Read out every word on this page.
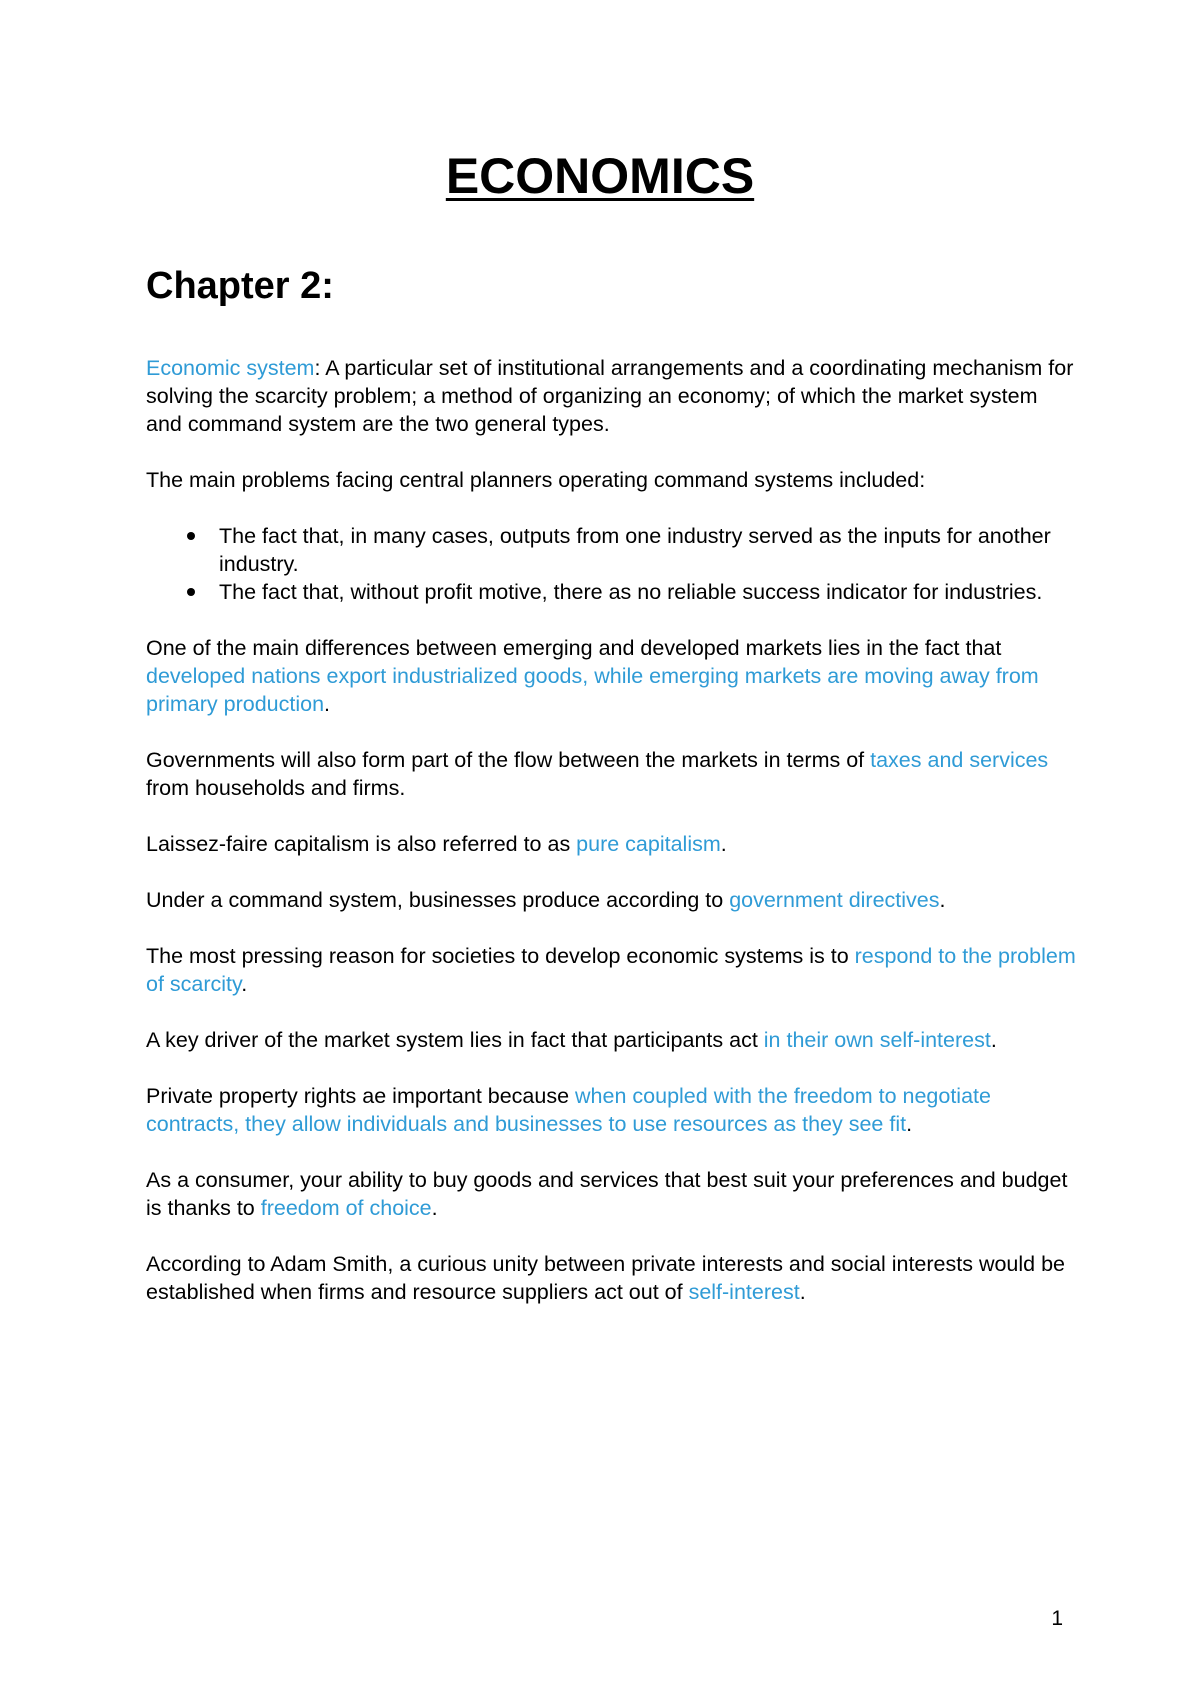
ECONOMICS
Chapter 2:

Economic system: A particular set of institutional arrangements and a coordinating mechanism for solving the scarcity problem; a method of organizing an economy; of which the market system and command system are the two general types.

The main problems facing central planners operating command systems included:

The fact that, in many cases, outputs from one industry served as the inputs for another industry.
The fact that, without profit motive, there as no reliable success indicator for industries.

One of the main differences between emerging and developed markets lies in the fact that developed nations export industrialized goods, while emerging markets are moving away from primary production.

Governments will also form part of the flow between the markets in terms of taxes and services from households and firms.

Laissez-faire capitalism is also referred to as pure capitalism.

Under a command system, businesses produce according to government directives.

The most pressing reason for societies to develop economic systems is to respond to the problem of scarcity.

A key driver of the market system lies in fact that participants act in their own self-interest.

Private property rights ae important because when coupled with the freedom to negotiate contracts, they allow individuals and businesses to use resources as they see fit.

As a consumer, your ability to buy goods and services that best suit your preferences and budget is thanks to freedom of choice.

According to Adam Smith, a curious unity between private interests and social interests would be established when firms and resource suppliers act out of self-interest.

1
